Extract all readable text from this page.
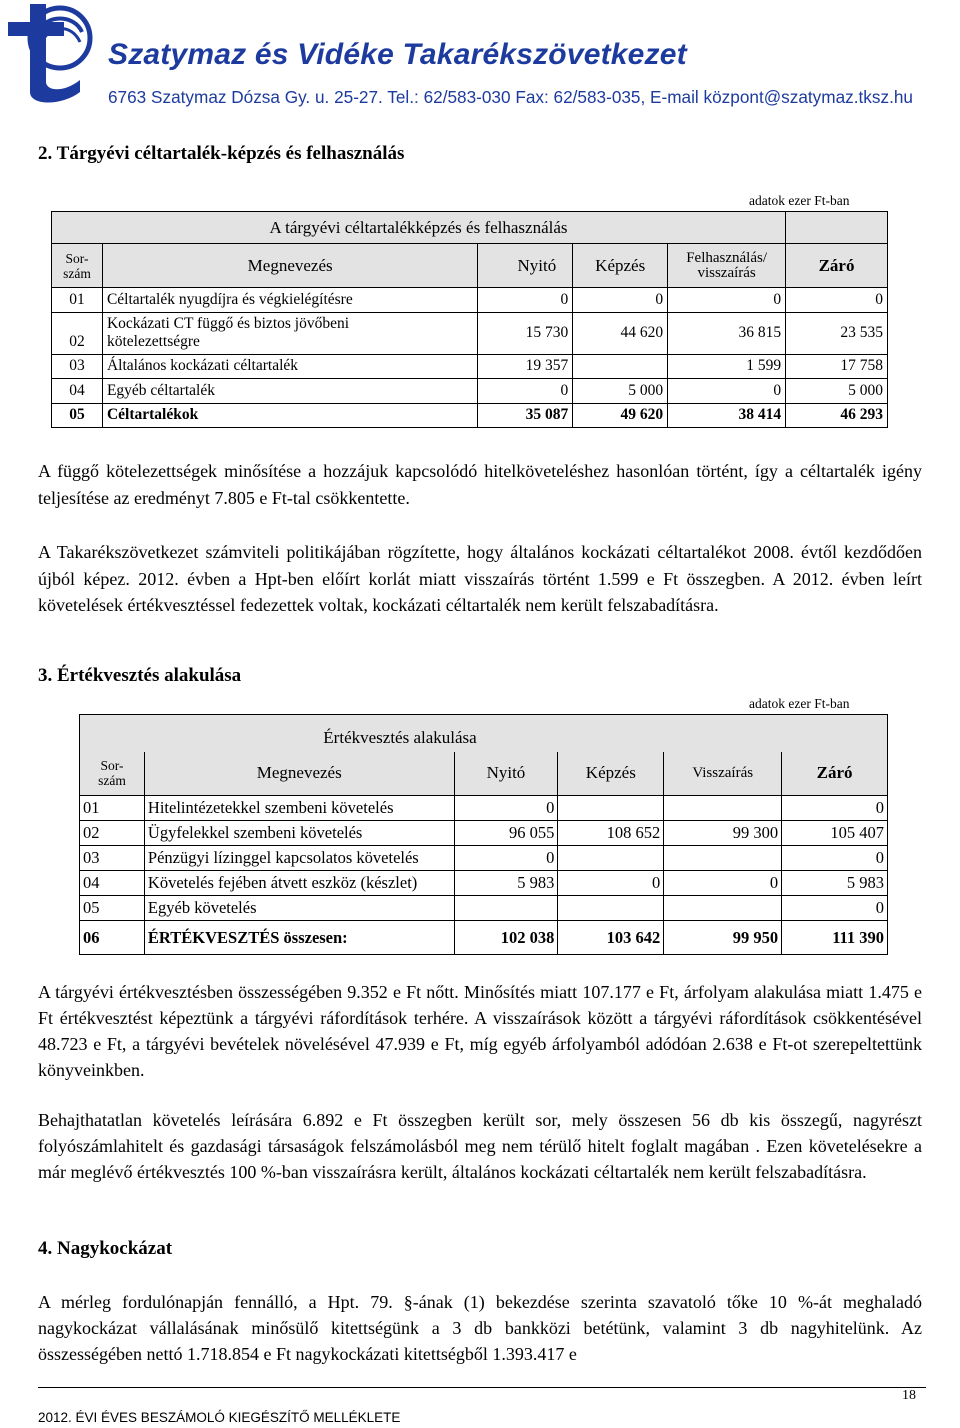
Szatymaz és Vidéke Takarékszövetkezet
6763 Szatymaz Dózsa Gy. u. 25-27. Tel.: 62/583-030 Fax: 62/583-035, E-mail központ@szatymaz.tksz.hu
2. Tárgyévi céltartalék-képzés és felhasználás
adatok ezer Ft-ban
A tárgyévi céltartalékképzés és felhasználás					
Sor-
szám	Megnevezés	Nyitó	Képzés	Felhasználás/
visszaírás	Záró
01	Céltartalék nyugdíjra és végkielégítésre	0	0	0	0
02	Kockázati CT függő és biztos jövőbeni
kötelezettségre	15 730	44 620	36 815	23 535
03	Általános kockázati céltartalék	19 357		1 599	17 758
04	Egyéb céltartalék	0	5 000	0	5 000
05	Céltartalékok	35 087	49 620	38 414	46 293
A függő kötelezettségek minősítése a hozzájuk kapcsolódó hitelköveteléshez hasonlóan történt, így a céltartalék igény teljesítése az eredményt 7.805 e Ft-tal csökkentette.
A Takarékszövetkezet számviteli politikájában rögzítette, hogy általános kockázati céltartalékot 2008. évtől kezdődően újból képez. 2012. évben a Hpt-ben előírt korlát miatt visszaírás történt 1.599 e Ft összegben. A 2012. évben leírt követelések értékvesztéssel fedezettek voltak, kockázati céltartalék nem került felszabadításra.
3. Értékvesztés alakulása
adatok ezer Ft-ban
Értékvesztés alakulása					
Sor-
szám	Megnevezés	Nyitó	Képzés	Visszaírás	Záró
01	Hitelintézetekkel szembeni követelés	0			0
02	Ügyfelekkel szembeni követelés	96 055	108 652	99 300	105 407
03	Pénzügyi lízinggel kapcsolatos követelés	0			0
04	Követelés fejében átvett eszköz (készlet)	5 983	0	0	5 983
05	Egyéb követelés				0
06	ÉRTÉKVESZTÉS összesen:	102 038	103 642	99 950	111 390
A tárgyévi értékvesztésben összességében 9.352 e Ft nőtt. Minősítés miatt 107.177 e Ft, árfolyam alakulása miatt 1.475 e Ft értékvesztést képeztünk a tárgyévi ráfordítások terhére. A visszaírások között a tárgyévi ráfordítások csökkentésével 48.723 e Ft, a tárgyévi bevételek növelésével 47.939 e Ft, míg egyéb árfolyamból adódóan 2.638 e Ft-ot szerepeltettünk könyveinkben.
Behajthatatlan követelés leírására 6.892 e Ft összegben került sor, mely összesen 56 db kis összegű, nagyrészt folyószámlahitelt és gazdasági társaságok felszámolásból meg nem térülő hitelt foglalt magában . Ezen követelésekre a már meglévő értékvesztés 100 %-ban visszaírásra került, általános kockázati céltartalék nem került felszabadításra.
4. Nagykockázat
A mérleg fordulónapján fennálló, a Hpt. 79. §-ának (1) bekezdése szerinta szavatoló tőke 10 %-át meghaladó nagykockázat vállalásának minősülő kitettségünk a 3 db bankközi betétünk, valamint 3 db nagyhitelünk. Az összességében nettó 1.718.854 e Ft nagykockázati kitettségből 1.393.417 e
18
2012. ÉVI ÉVES BESZÁMOLÓ KIEGÉSZÍTŐ MELLÉKLETE
